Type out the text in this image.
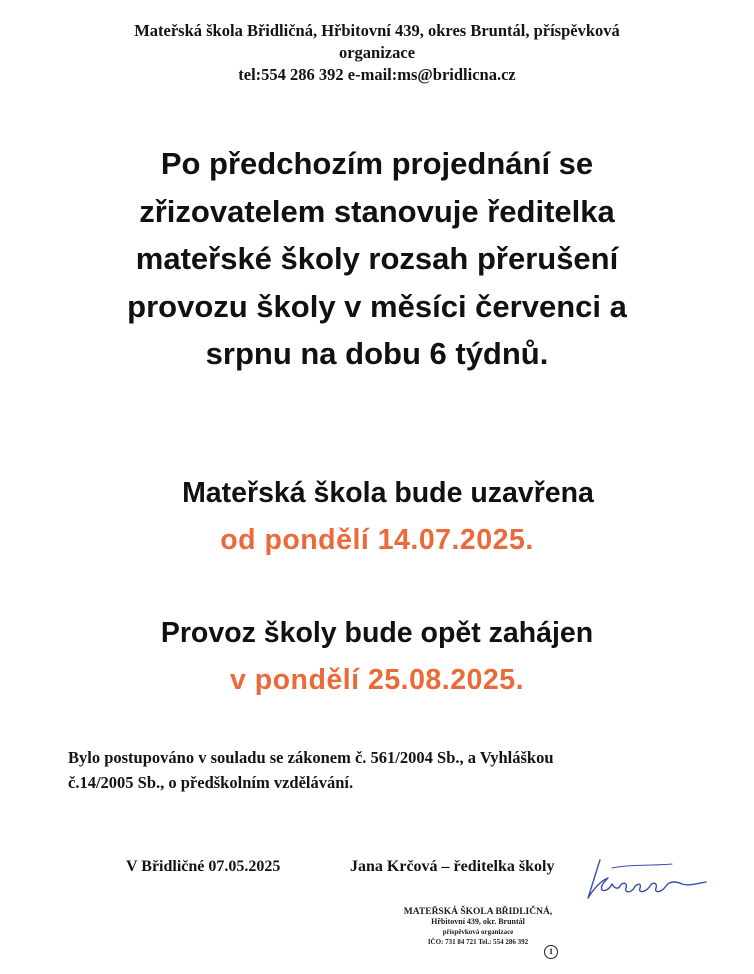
Mateřská škola Břidličná, Hřbitovní 439, okres Bruntál, příspěvková
organizace
tel:554 286 392 e-mail:ms@bridlicna.cz
Po předchozím projednání se
zřizovatelem stanovuje ředitelka
mateřské školy rozsah přerušení
provozu školy v měsíci červenci a
srpnu na dobu 6 týdnů.
Mateřská škola bude uzavřena
od pondělí 14.07.2025.
Provoz školy bude opět zahájen
v pondělí 25.08.2025.
Bylo postupováno v souladu se zákonem č. 561/2004 Sb., a Vyhláškou
č.14/2005 Sb., o předškolním vzdělávání.
V Břidličné 07.05.2025	Jana Krčová – ředitelka školy
MATEŘSKÁ ŠKOLA BŘIDLIČNÁ,
Hřbitovní 439, okr. Bruntál
příspěvková organizace
IČO: 731 84 721 Tel.: 554 286 392
1
